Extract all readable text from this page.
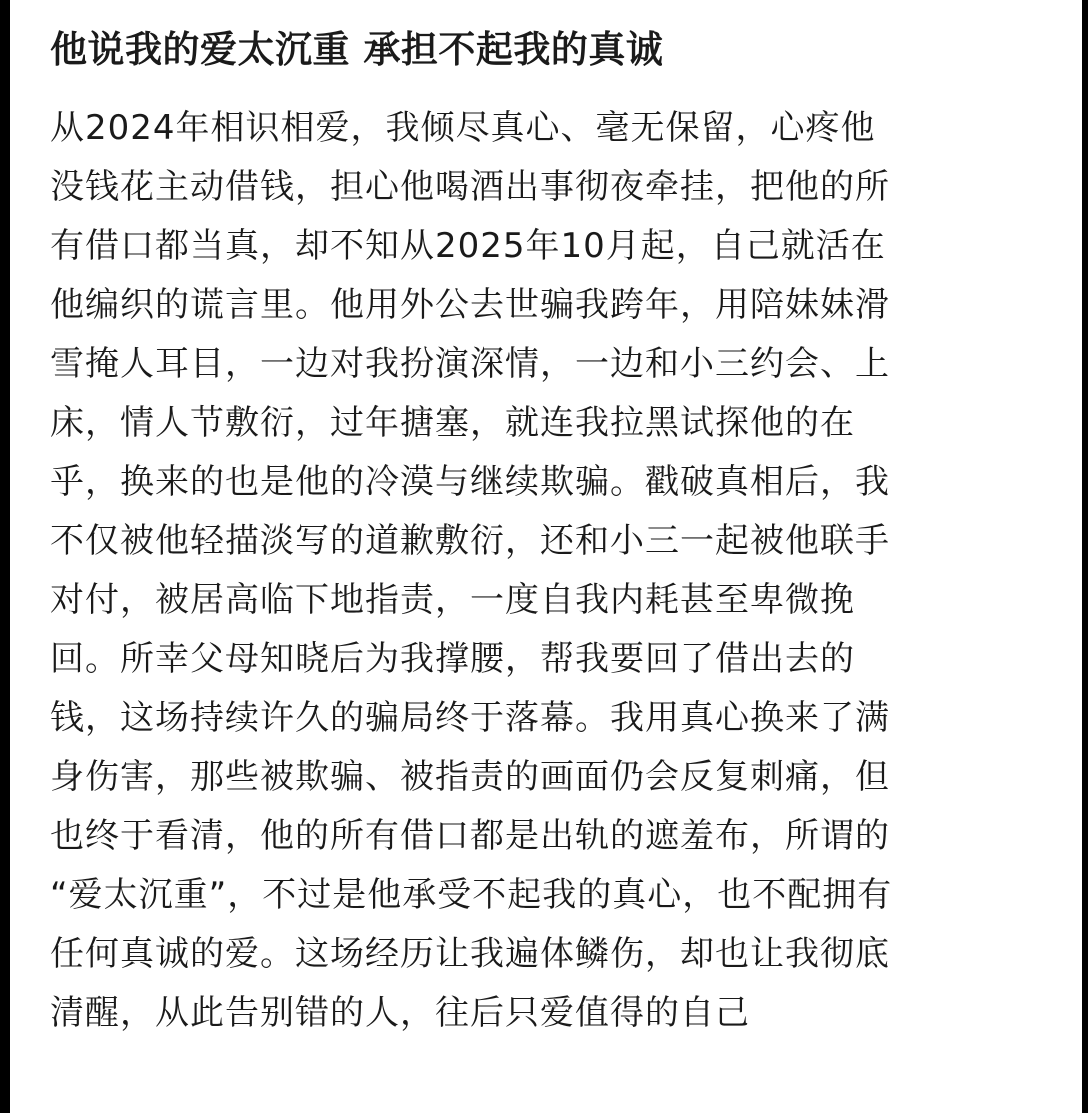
他说我的爱太沉重 承担不起我的真诚
从2024年相识相爱，我倾尽真心、毫无保留，心疼他
没钱花主动借钱，担心他喝酒出事彻夜牵挂，把他的所
有借口都当真，却不知从2025年10月起，自己就活在
他编织的谎言里。他用外公去世骗我跨年，用陪妹妹滑
雪掩人耳目，一边对我扮演深情，一边和小三约会、上
床，情人节敷衍，过年搪塞，就连我拉黑试探他的在
乎，换来的也是他的冷漠与继续欺骗。戳破真相后，我
不仅被他轻描淡写的道歉敷衍，还和小三一起被他联手
对付，被居高临下地指责，一度自我内耗甚至卑微挽
回。所幸父母知晓后为我撑腰，帮我要回了借出去的
钱，这场持续许久的骗局终于落幕。我用真心换来了满
身伤害，那些被欺骗、被指责的画面仍会反复刺痛，但
也终于看清，他的所有借口都是出轨的遮羞布，所谓的
“爱太沉重”，不过是他承受不起我的真心，也不配拥有
任何真诚的爱。这场经历让我遍体鳞伤，却也让我彻底
清醒，从此告别错的人，往后只爱值得的自己
